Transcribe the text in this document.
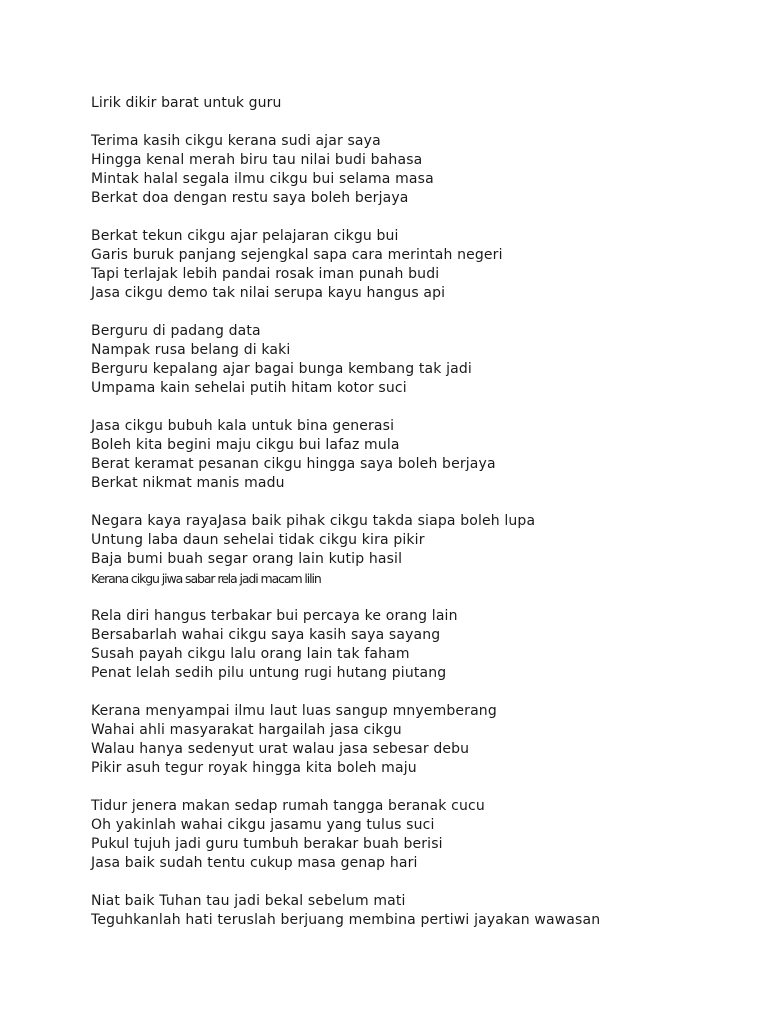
Lirik dikir barat untuk guru
Terima kasih cikgu kerana sudi ajar saya
Hingga kenal merah biru tau nilai budi bahasa
Mintak halal segala ilmu cikgu bui selama masa
Berkat doa dengan restu saya boleh berjaya
Berkat tekun cikgu ajar pelajaran cikgu bui
Garis buruk panjang sejengkal sapa cara merintah negeri
Tapi terlajak lebih pandai rosak iman punah budi
Jasa cikgu demo tak nilai serupa kayu hangus api
Berguru di padang data
Nampak rusa belang di kaki
Berguru kepalang ajar bagai bunga kembang tak jadi
Umpama kain sehelai putih hitam kotor suci
Jasa cikgu bubuh kala untuk bina generasi
Boleh kita begini maju cikgu bui lafaz mula
Berat keramat pesanan cikgu hingga saya boleh berjaya
Berkat nikmat manis madu
Negara kaya rayaJasa baik pihak cikgu takda siapa boleh lupa
Untung laba daun sehelai tidak cikgu kira pikir
Baja bumi buah segar orang lain kutip hasil
Kerana cikgu jiwa sabar rela jadi macam lilin
Rela diri hangus terbakar bui percaya ke orang lain
Bersabarlah wahai cikgu saya kasih saya sayang
Susah payah cikgu lalu orang lain tak faham
Penat lelah sedih pilu untung rugi hutang piutang
Kerana menyampai ilmu laut luas sangup mnyemberang
Wahai ahli masyarakat hargailah jasa cikgu
Walau hanya sedenyut urat walau jasa sebesar debu
Pikir asuh tegur royak hingga kita boleh maju
Tidur jenera makan sedap rumah tangga beranak cucu
Oh yakinlah wahai cikgu jasamu yang tulus suci
Pukul tujuh jadi guru tumbuh berakar buah berisi
Jasa baik sudah tentu cukup masa genap hari
Niat baik Tuhan tau jadi bekal sebelum mati
Teguhkanlah hati teruslah berjuang membina pertiwi jayakan wawasan
